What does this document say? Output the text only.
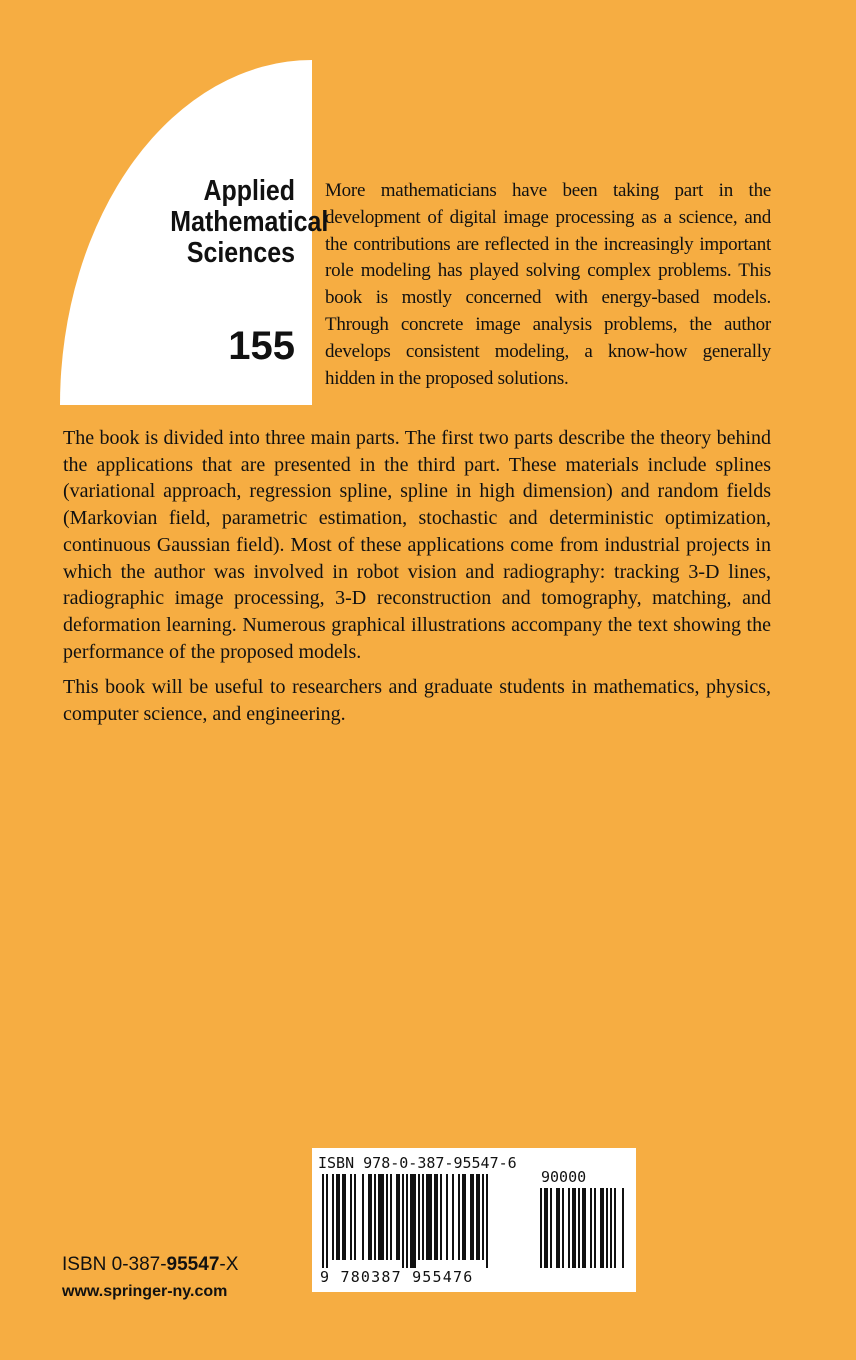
Applied
Mathematical
Sciences
155
More mathematicians have been taking part in the development of digital image processing as a science, and the contributions are reflected in the increasingly important role modeling has played solving complex problems. This book is mostly concerned with energy-based models. Through concrete image analysis problems, the author develops consistent modeling, a know-how generally hidden in the proposed solutions.

The book is divided into three main parts. The first two parts describe the theory behind the applications that are presented in the third part. These materials include splines (variational approach, regression spline, spline in high dimension) and random fields (Markovian field, parametric estimation, stochastic and deterministic optimization, continuous Gaussian field). Most of these applications come from industrial projects in which the author was involved in robot vision and radiography: tracking 3-D lines, radiographic image processing, 3-D reconstruction and tomography, matching, and deformation learning. Numerous graphical illustrations accompany the text showing the performance of the proposed models.

This book will be useful to researchers and graduate students in mathematics, physics, computer science, and engineering.

ISBN 0-387-95547-X
www.springer-ny.com
ISBN 978-0-387-95547-6
90000
9 780387 955476
